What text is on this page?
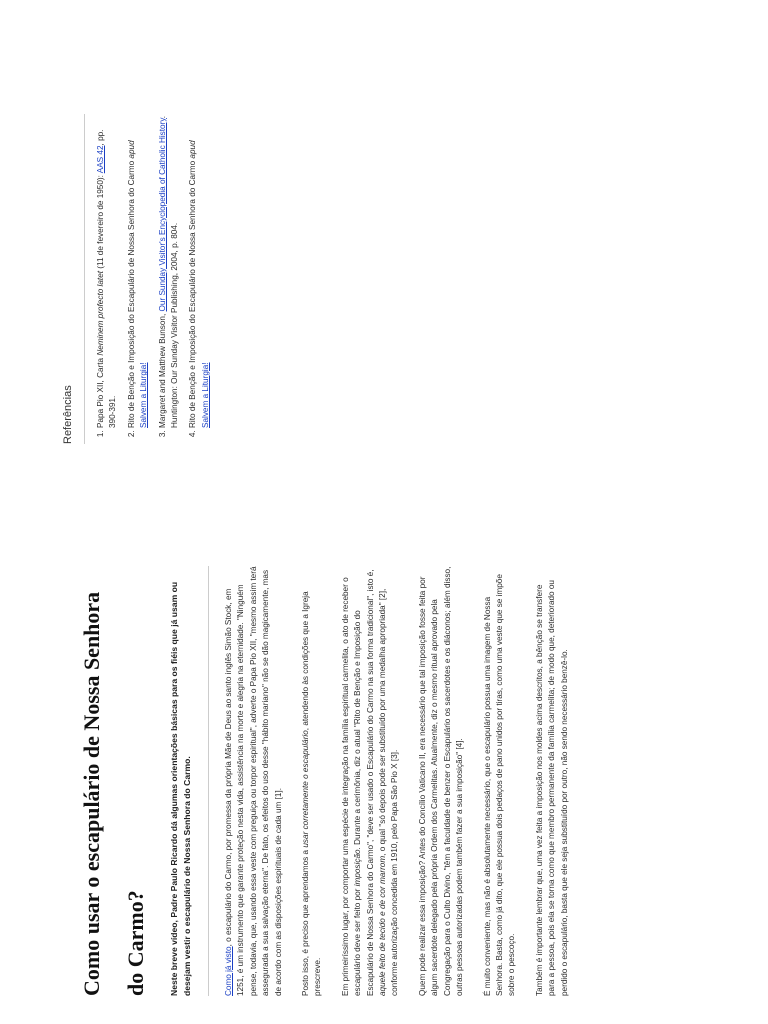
Como usar o escapulário de Nossa Senhora do Carmo?	Neste breve vídeo, Padre Paulo Ricardo dá algumas orientações básicas para os fiéis que já usam ou desejam vestir o escapulário de Nossa Senhora do Carmo.	Como já visto, o escapulário do Carmo, por promessa da própria Mãe de Deus ao santo inglês Simão Stock, em 1251, é um instrumento que garante proteção nesta vida, assistência na morte e alegria na eternidade. "Ninguém pense, todavia, que, usando essa veste com preguiça ou torpor espiritual", adverte o Papa Pio XII, "mesmo assim terá assegurada a sua salvação eterna". De fato, os efeitos do uso desse "hábito mariano" não se dão magicamente, mas de acordo com as disposições espirituais de cada um [1]. Posto isso, é preciso que aprendamos a usar corretamente o escapulário, atendendo às condições que a Igreja prescreve. Em primeiríssimo lugar, por comportar uma espécie de integração na família espiritual carmelita, o ato de receber o escapulário deve ser feito por imposição. Durante a cerimônia, diz o atual "Rito de Benção e Imposição do Escapulário de Nossa Senhora do Carmo", "deve ser usado o Escapulário do Carmo na sua forma tradicional", isto é, aquele feito de tecido e de cor marrom, o qual "só depois pode ser substituído por uma medalha apropriada" [2], conforme autorização concedida em 1910, pelo Papa São Pio X [3]. Quem pode realizar essa imposição? Antes do Concílio Vaticano II, era necessário que tal imposição fosse feita por algum sacerdote delegado pela própria Ordem dos Carmelitas. Atualmente, diz o mesmo ritual aprovado pela Congregação para o Culto Divino, "têm a faculdade de benzer o Escapulário os sacerdotes e os diáconos; além disso, outras pessoas autorizadas podem também fazer a sua imposição" [4]. É muito conveniente, mas não é absolutamente necessário, que o escapulário possua uma imagem de Nossa Senhora. Basta, como já dito, que ele possua dois pedaços de pano unidos por tiras, como uma veste que se impõe sobre o pescoço. Também é importante lembrar que, uma vez feita a imposição nos moldes acima descritos, a bênção se transfere para a pessoa, pois ela se torna como que membro permanente da família carmelita; de modo que, deteriorado ou perdido o escapulário, basta que ele seja substituído por outro, não sendo necessário benzê-lo.

Referências	1. Papa Pio XII, Carta Neminem profecto latet (11 de fevereiro de 1950): AAS 42, pp. 390-391. 2. Rito de Benção e Imposição do Escapulário de Nossa Senhora do Carmo apud Salvem a Liturgia! 3. Margaret and Matthew Bunson, Our Sunday Visitor's Encyclopedia of Catholic History. Huntington: Our Sunday Visitor Publishing, 2004, p. 804. 4. Rito de Benção e Imposição do Escapulário de Nossa Senhora do Carmo apud Salvem a Liturgia!
